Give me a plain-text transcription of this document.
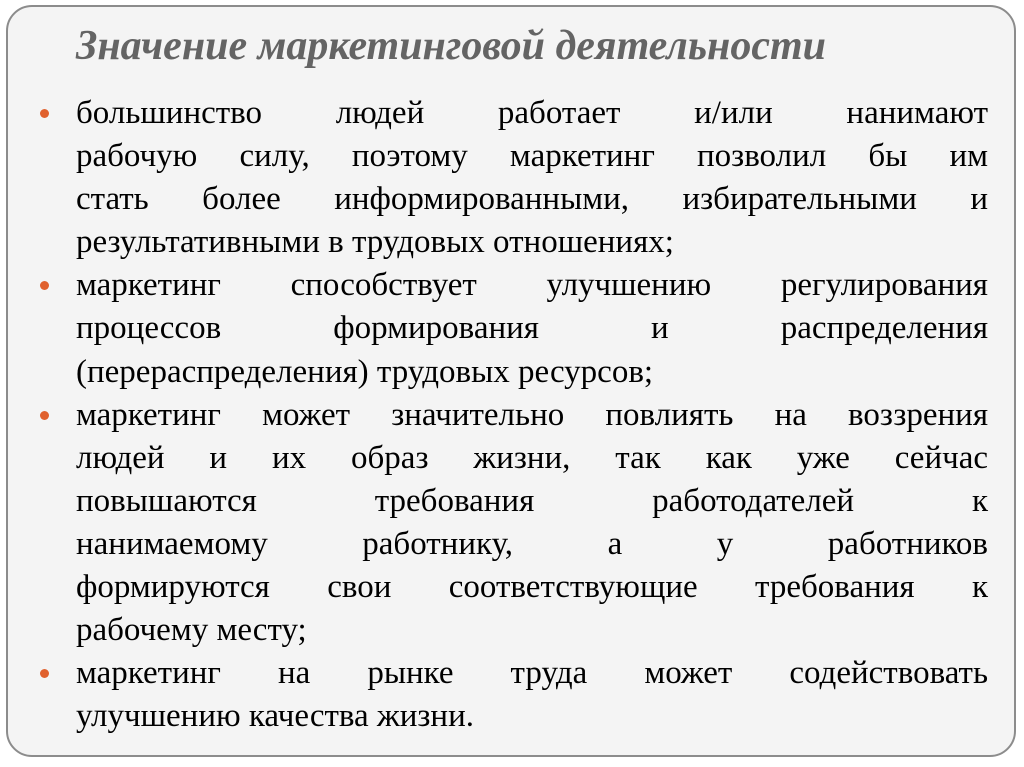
Значение маркетинговой деятельности
большинство людей работает и/или нанимают
рабочую силу, поэтому маркетинг позволил бы им
стать более информированными, избирательными и
результативными в трудовых отношениях;
маркетинг способствует улучшению регулирования
процессов формирования и распределения
(перераспределения) трудовых ресурсов;
маркетинг может значительно повлиять на воззрения
людей и их образ жизни, так как уже сейчас
повышаются требования работодателей к
нанимаемому работнику, а у работников
формируются свои соответствующие требования к
рабочему месту;
маркетинг на рынке труда может содействовать
улучшению качества жизни.
